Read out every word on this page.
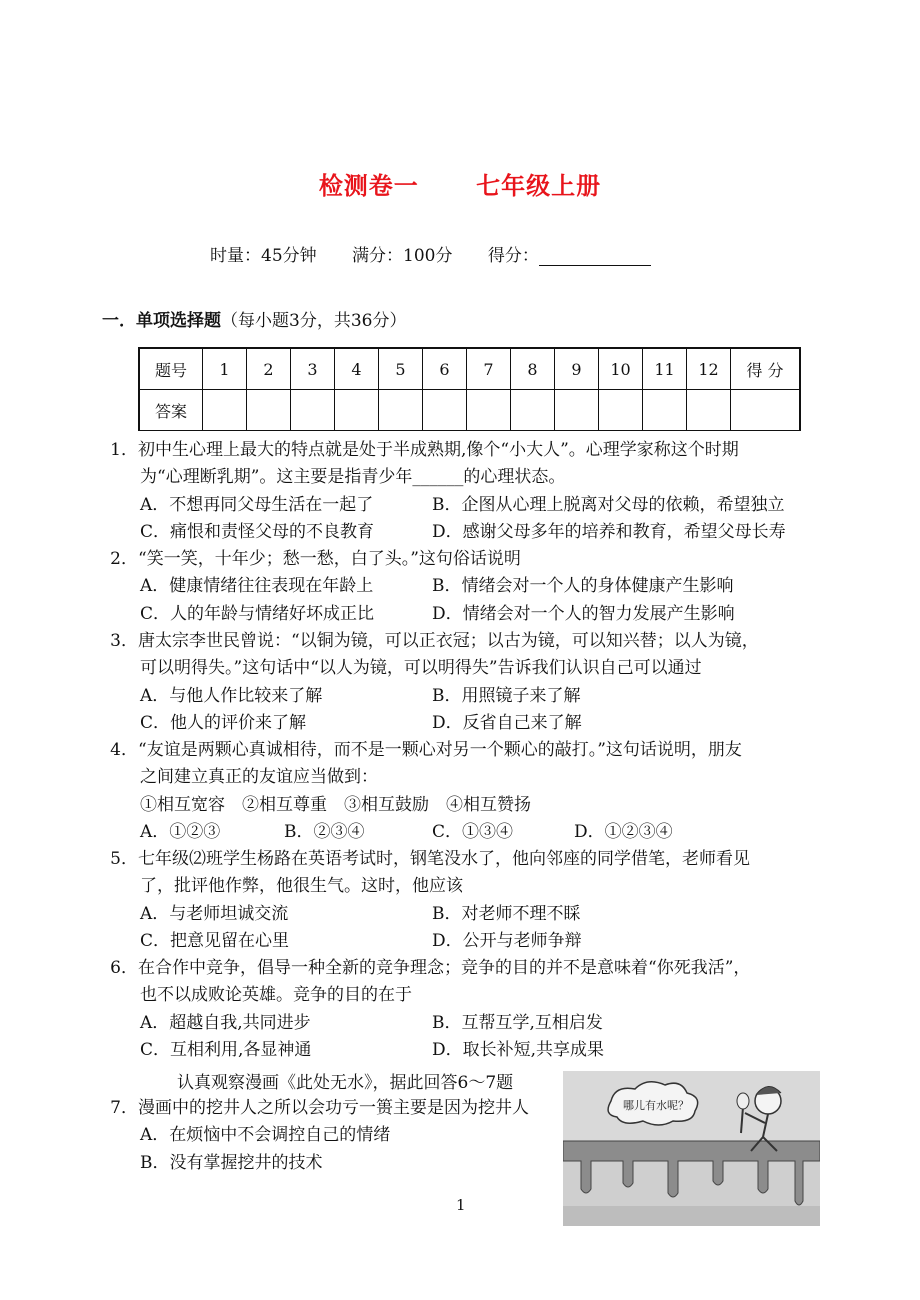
检测卷一 七年级上册
时量：45分钟 满分：100分 得分：
一．单项选择题（每小题3分，共36分）
题号	1	2	3	4	5	6	7	8	9	10	11	12	得 分
答案													
1．初中生心理上最大的特点就是处于半成熟期,像个“小大人”。心理学家称这个时期
为“心理断乳期”。这主要是指青少年______的心理状态。
A．不想再同父母生活在一起了	B．企图从心理上脱离对父母的依赖，希望独立
C．痛恨和责怪父母的不良教育	D．感谢父母多年的培养和教育，希望父母长寿
2．“笑一笑，十年少；愁一愁，白了头。”这句俗话说明
A．健康情绪往往表现在年龄上	B．情绪会对一个人的身体健康产生影响
C．人的年龄与情绪好坏成正比	D．情绪会对一个人的智力发展产生影响
3．唐太宗李世民曾说：“以铜为镜，可以正衣冠；以古为镜，可以知兴替；以人为镜，
可以明得失。”这句话中“以人为镜，可以明得失”告诉我们认识自己可以通过
A．与他人作比较来了解	B．用照镜子来了解
C．他人的评价来了解	D．反省自己来了解
4．“友谊是两颗心真诚相待，而不是一颗心对另一个颗心的敲打。”这句话说明，朋友
之间建立真正的友谊应当做到：
①相互宽容　②相互尊重　③相互鼓励　④相互赞扬
A．①②③	B．②③④	C．①③④	D．①②③④
5．七年级⑵班学生杨路在英语考试时，钢笔没水了，他向邻座的同学借笔，老师看见
了，批评他作弊，他很生气。这时，他应该
A．与老师坦诚交流	B．对老师不理不睬
C．把意见留在心里	D．公开与老师争辩
6．在合作中竞争，倡导一种全新的竞争理念；竞争的目的并不是意味着“你死我活”，
也不以成败论英雄。竞争的目的在于
A．超越自我,共同进步	B．互帮互学,互相启发
C．互相利用,各显神通	D．取长补短,共享成果
认真观察漫画《此处无水》，据此回答6～7题
7．漫画中的挖井人之所以会功亏一篑主要是因为挖井人
A．在烦恼中不会调控自己的情绪
B．没有掌握挖井的技术
哪儿有水呢？
1
